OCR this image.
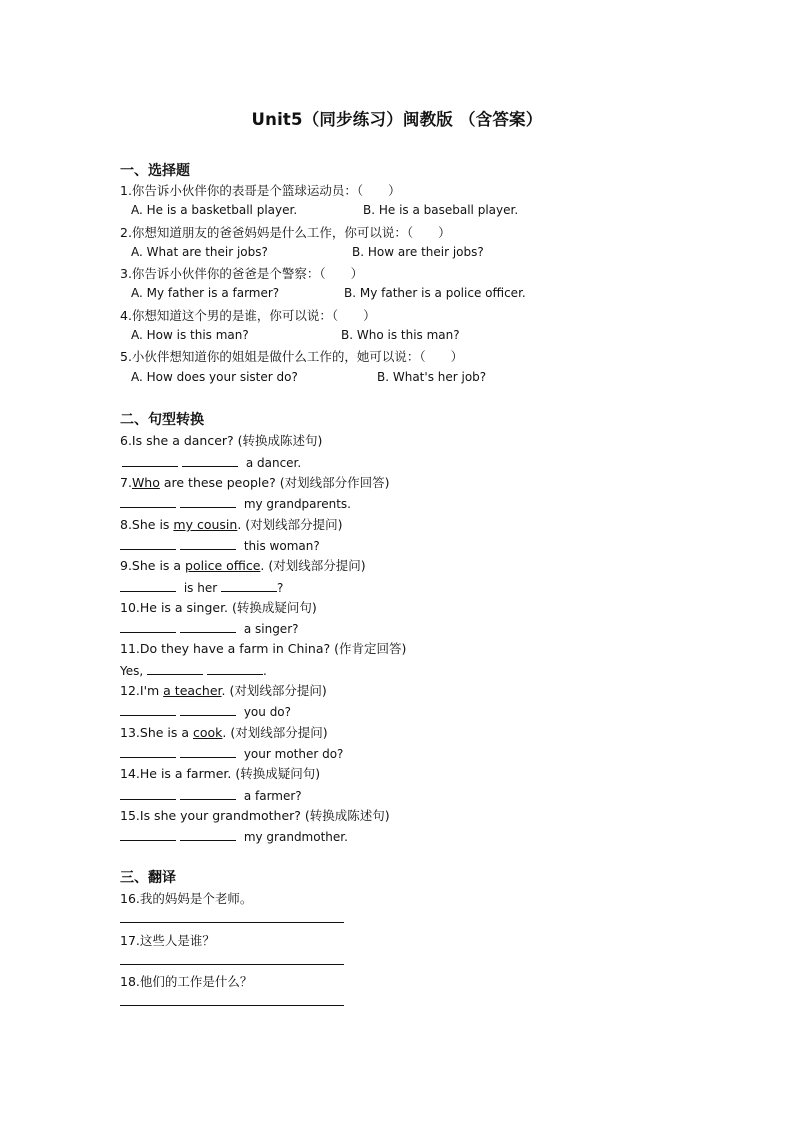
Unit5（同步练习）闽教版 （含答案）
一、选择题
1.你告诉小伙伴你的表哥是个篮球运动员：（　　）
A. He is a basketball player.	B. He is a baseball player.
2.你想知道朋友的爸爸妈妈是什么工作，你可以说：（　　）
A. What are their jobs?	B. How are their jobs?
3.你告诉小伙伴你的爸爸是个警察：（　　）
A. My father is a farmer?	B. My father is a police officer.
4.你想知道这个男的是谁，你可以说：（　　）
A. How is this man?	B. Who is this man?
5.小伙伴想知道你的姐姐是做什么工作的，她可以说：（　　）
A. How does your sister do?	B. What's her job?
二、句型转换
6.Is she a dancer? (转换成陈述句)
a dancer.
7.Who are these people? (对划线部分作回答)
my grandparents.
8.She is my cousin. (对划线部分提问)
this woman?
9.She is a police office. (对划线部分提问)
is her	?
10.He is a singer. (转换成疑问句)
a singer?
11.Do they have a farm in China? (作肯定回答)
Yes,	.
12.I'm a teacher. (对划线部分提问)
you do?
13.She is a cook. (对划线部分提问)
your mother do?
14.He is a farmer. (转换成疑问句)
a farmer?
15.Is she your grandmother? (转换成陈述句)
my grandmother.
三、翻译
16.我的妈妈是个老师。
17.这些人是谁？
18.他们的工作是什么？
